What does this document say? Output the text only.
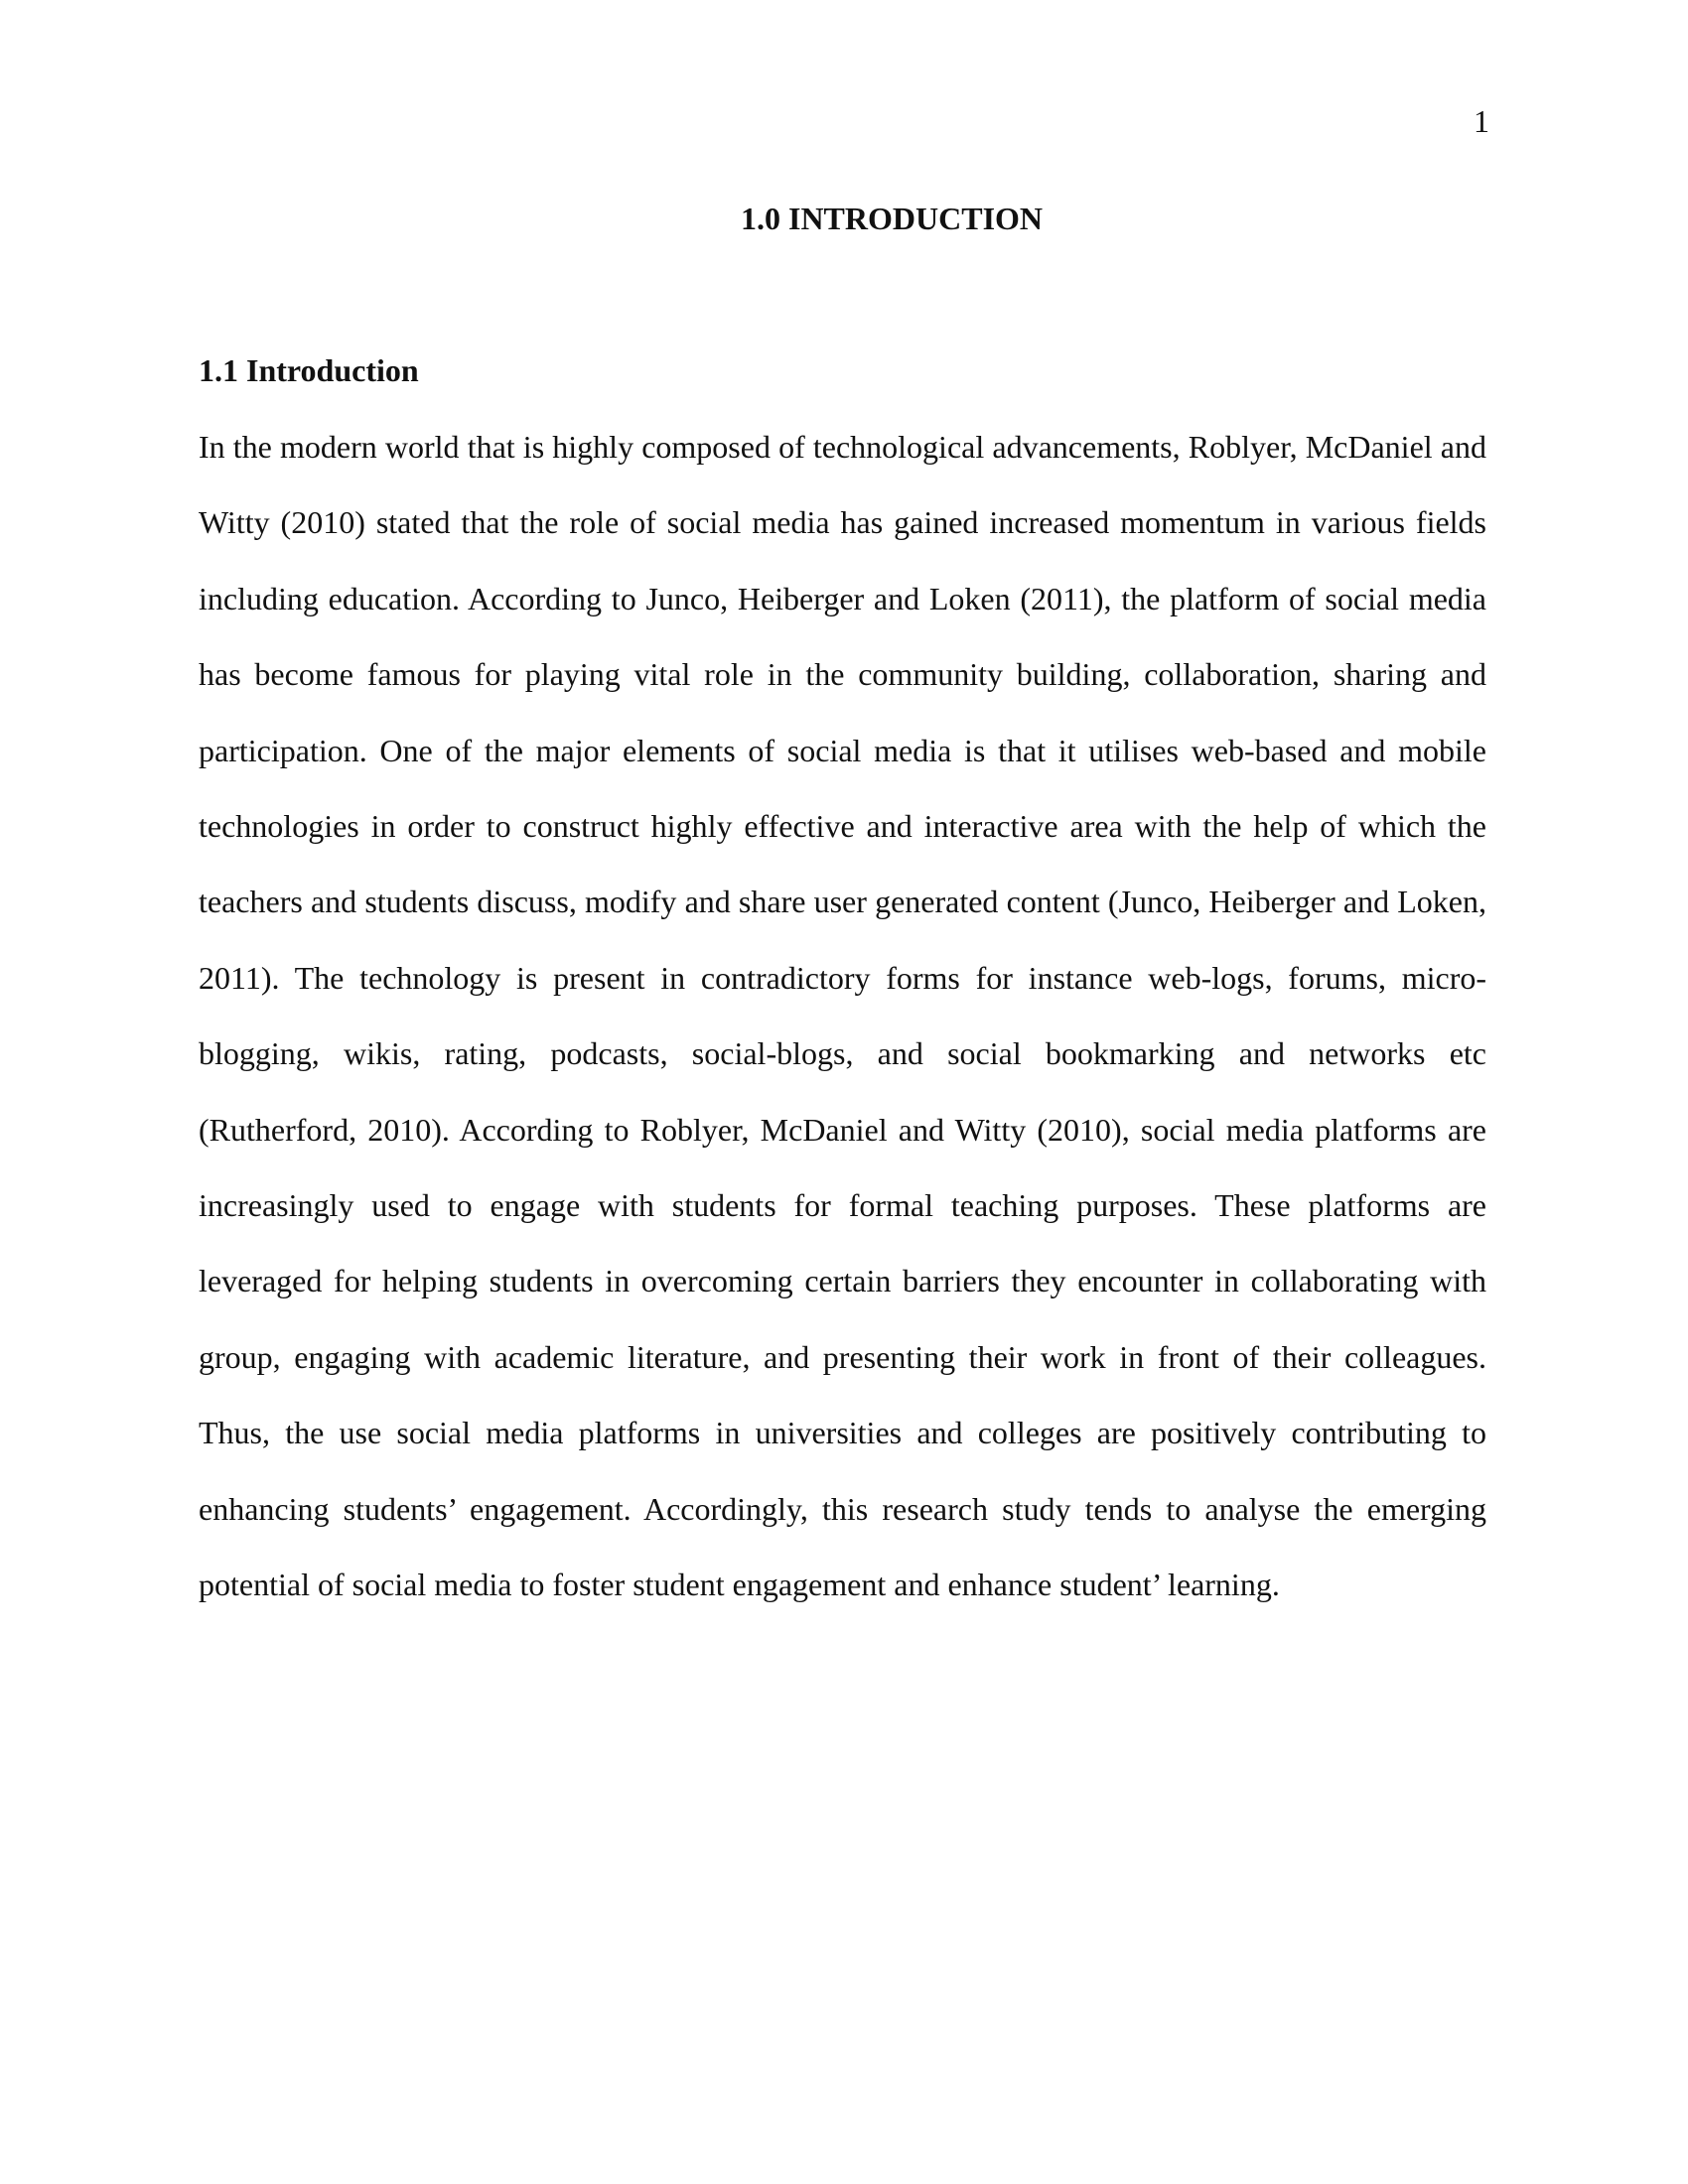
1

1.0 INTRODUCTION
1.1 Introduction

In the modern world that is highly composed of technological advancements, Roblyer, McDaniel and Witty (2010) stated that the role of social media has gained increased momentum in various fields including education. According to Junco, Heiberger and Loken (2011), the platform of social media has become famous for playing vital role in the community building, collaboration, sharing and participation. One of the major elements of social media is that it utilises web-based and mobile technologies in order to construct highly effective and interactive area with the help of which the teachers and students discuss, modify and share user generated content (Junco, Heiberger and Loken, 2011). The technology is present in contradictory forms for instance web-logs, forums, micro-blogging, wikis, rating, podcasts, social-blogs, and social bookmarking and networks etc (Rutherford, 2010). According to Roblyer, McDaniel and Witty (2010), social media platforms are increasingly used to engage with students for formal teaching purposes. These platforms are leveraged for helping students in overcoming certain barriers they encounter in collaborating with group, engaging with academic literature, and presenting their work in front of their colleagues. Thus, the use social media platforms in universities and colleges are positively contributing to enhancing students’ engagement. Accordingly, this research study tends to analyse the emerging potential of social media to foster student engagement and enhance student’ learning.
